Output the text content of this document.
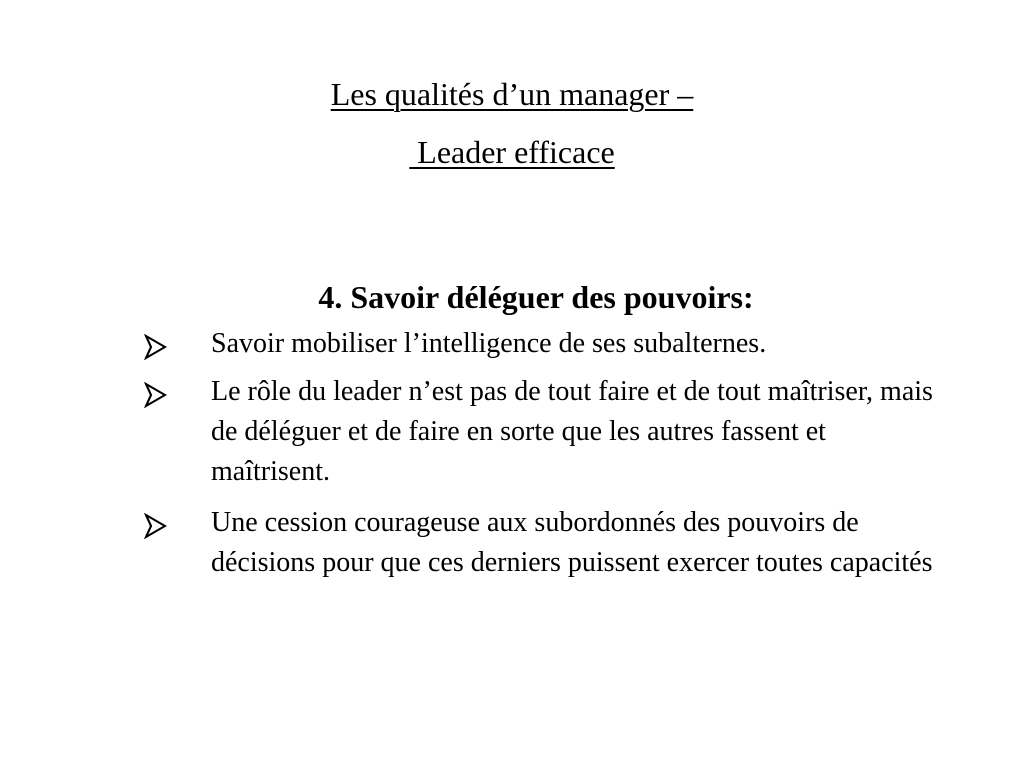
Les qualités d’un manager –
Leader efficace
4. Savoir déléguer des pouvoirs:
Savoir mobiliser l’intelligence de ses subalternes.
Le rôle du leader n’est pas de tout faire et de tout maîtriser, mais de déléguer et de faire en sorte que les autres fassent et maîtrisent.
Une cession courageuse aux subordonnés des pouvoirs de décisions pour que ces derniers puissent exercer toutes capacités
